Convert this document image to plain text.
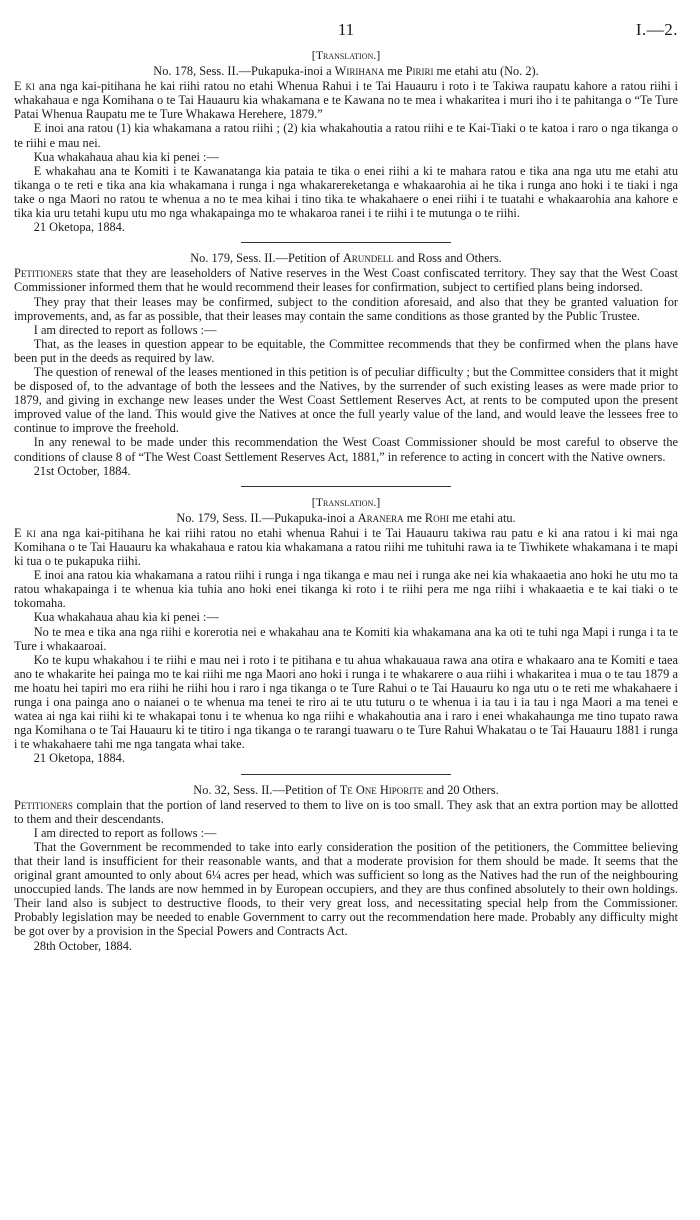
11	I.—2.
[Translation.]
No. 178, Sess. II.—Pukapuka-inoi a Wirihana me Piriri me etahi atu (No. 2).

E ki ana nga kai-pitihana he kai riihi ratou no etahi Whenua Rahui i te Tai Hauauru i roto i te Takiwa raupatu kahore a ratou riihi i whakahaua e nga Komihana o te Tai Hauauru kia whakamana e te Kawana no te mea i whakaritea i muri iho i te pahitanga o “Te Ture Patai Whenua Raupatu me te Ture Whakawa Herehere, 1879.”

E inoi ana ratou (1) kia whakamana a ratou riihi ; (2) kia whakahoutia a ratou riihi e te Kai-Tiaki o te katoa i raro o nga tikanga o te riihi e mau nei.

Kua whakahaua ahau kia ki penei :—

E whakahau ana te Komiti i te Kawanatanga kia pataia te tika o enei riihi a ki te mahara ratou e tika ana nga utu me etahi atu tikanga o te reti e tika ana kia whakamana i runga i nga whakarereketanga e whakaarohia ai he tika i runga ano hoki i te tiaki i nga take o nga Maori no ratou te whenua a no te mea kihai i tino tika te whakahaere o enei riihi i te tuatahi e whakaarohia ana kahore e tika kia uru tetahi kupu utu mo nga whakapainga mo te whakaroa ranei i te riihi i te mutunga o te riihi.

21 Oketopa, 1884.

No. 179, Sess. II.—Petition of Arundell and Ross and Others.

Petitioners state that they are leaseholders of Native reserves in the West Coast confiscated territory. They say that the West Coast Commissioner informed them that he would recommend their leases for confirmation, subject to certified plans being indorsed.

They pray that their leases may be confirmed, subject to the condition aforesaid, and also that they be granted valuation for improvements, and, as far as possible, that their leases may contain the same conditions as those granted by the Public Trustee.

I am directed to report as follows :—

That, as the leases in question appear to be equitable, the Committee recommends that they be confirmed when the plans have been put in the deeds as required by law.

The question of renewal of the leases mentioned in this petition is of peculiar difficulty ; but the Committee considers that it might be disposed of, to the advantage of both the lessees and the Natives, by the surrender of such existing leases as were made prior to 1879, and giving in exchange new leases under the West Coast Settlement Reserves Act, at rents to be computed upon the present improved value of the land. This would give the Natives at once the full yearly value of the land, and would leave the lessees free to continue to improve the freehold.

In any renewal to be made under this recommendation the West Coast Commissioner should be most careful to observe the conditions of clause 8 of “The West Coast Settlement Reserves Act, 1881,” in reference to acting in concert with the Native owners.

21st October, 1884.

[Translation.]
No. 179, Sess. II.—Pukapuka-inoi a Aranera me Rohi me etahi atu.

E ki ana nga kai-pitihana he kai riihi ratou no etahi whenua Rahui i te Tai Hauauru takiwa rau patu e ki ana ratou i ki mai nga Komihana o te Tai Hauauru ka whakahaua e ratou kia whakamana a ratou riihi me tuhituhi rawa ia te Tiwhikete whakamana i te mapi ki tua o te pukapuka riihi.

E inoi ana ratou kia whakamana a ratou riihi i runga i nga tikanga e mau nei i runga ake nei kia whakaaetia ano hoki he utu mo ta ratou whakapainga i te whenua kia tuhia ano hoki enei tikanga ki roto i te riihi pera me nga riihi i whakaaetia e te kai tiaki o te tokomaha.

Kua whakahaua ahau kia ki penei :—

No te mea e tika ana nga riihi e korerotia nei e whakahau ana te Komiti kia whakamana ana ka oti te tuhi nga Mapi i runga i ta te Ture i whakaaroai.

Ko te kupu whakahou i te riihi e mau nei i roto i te pitihana e tu ahua whakauaua rawa ana otira e whakaaro ana te Komiti e taea ano te whakarite hei painga mo te kai riihi me nga Maori ano hoki i runga i te whakarere o aua riihi i whakaritea i mua o te tau 1879 a me hoatu hei tapiri mo era riihi he riihi hou i raro i nga tikanga o te Ture Rahui o te Tai Hauauru ko nga utu o te reti me whakahaere i runga i ona painga ano o naianei o te whenua ma tenei te riro ai te utu tuturu o te whenua i ia tau i ia tau i nga Maori a ma tenei e watea ai nga kai riihi ki te whakapai tonu i te whenua ko nga riihi e whakahoutia ana i raro i enei whakahaunga me tino tupato rawa nga Komihana o te Tai Hauauru ki te titiro i nga tikanga o te rarangi tuawaru o te Ture Rahui Whakatau o te Tai Hauauru 1881 i runga i te whakahaere tahi me nga tangata whai take.

21 Oketopa, 1884.

No. 32, Sess. II.—Petition of Te One Hiporite and 20 Others.

Petitioners complain that the portion of land reserved to them to live on is too small. They ask that an extra portion may be allotted to them and their descendants.

I am directed to report as follows :—

That the Government be recommended to take into early consideration the position of the petitioners, the Committee believing that their land is insufficient for their reasonable wants, and that a moderate provision for them should be made. It seems that the original grant amounted to only about 6¼ acres per head, which was sufficient so long as the Natives had the run of the neighbouring unoccupied lands. The lands are now hemmed in by European occupiers, and they are thus confined absolutely to their own holdings. Their land also is subject to destructive floods, to their very great loss, and necessitating special help from the Commissioner. Probably legislation may be needed to enable Government to carry out the recommendation here made. Probably any difficulty might be got over by a provision in the Special Powers and Contracts Act.

28th October, 1884.
